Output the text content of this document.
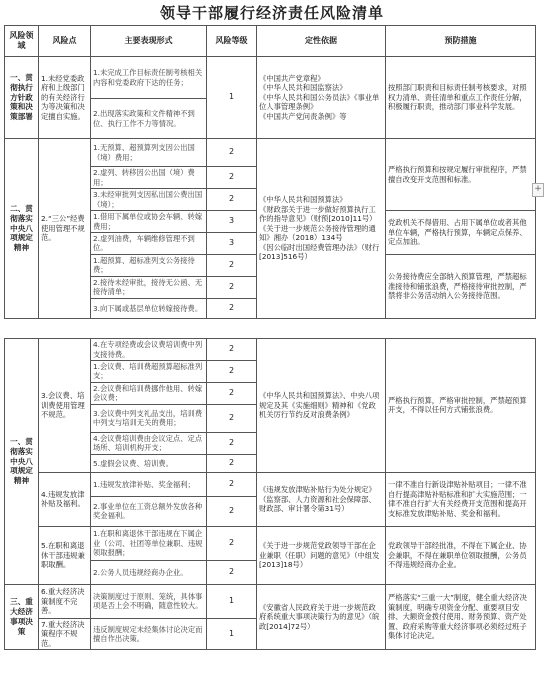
领导干部履行经济责任风险清单
风险领域	风险点	主要表现形式	风险等级	定性依据	预防措施
一、贯彻执行方针政策和决策部署	1.未经党委政府和上级部门的有关经济行为等决策和决定擅自实施。	1.未完成工作目标责任制考核相关内容和党委政府下达的任务；	1	《中国共产党章程》
《中华人民共和国监察法》
《中华人民共和国公务员法》《事业单位人事管理条例》
《中国共产党问责条例》等	按照部门职责和目标责任制考核要求，对照权力清单、责任清单和重点工作责任分解，积极履行职责，推动部门事业科学发展。
		2.出现落实政策和文件精神不到位、执行工作不力等情况。			
二、贯彻落实中央八项规定精神	2.“三公”经费使用管理不规范。	1.无预算、超预算列支因公出国（境）费用；	2	《中华人民共和国预算法》
《财政部关于进一步做好预算执行工作的指导意见》（财预[2010]11号）
《关于进一步规范公务接待管理的通知》湘办（2018）134号
《因公临时出国经费管理办法》（财行[2013]516号）	严格执行预算和按规定履行审批程序，严禁擅自改变开支范围和标准。
		2.虚列、转移因公出国（境）费用；	2		
		3.未经审批列支因私出国公费出国（境）；	2		
		1.借用下属单位或协会车辆、转嫁费用；	3		党政机关不得借用、占用下属单位或者其他单位车辆，严格执行预算，车辆定点保养、定点加油。
		2.虚列油费，车辆维修管理不到位。	3		
		1.超预算、超标准列支公务接待费；	2		公务接待费应全部纳入预算管理，严禁超标准接待和铺张浪费，严格接待审批控制，严禁将非公务活动纳入公务接待范围。
		2.接待未经审批，接待无公函、无接待清单；	2		
		3.向下属或基层单位转嫁接待费。	2		
一、贯彻落实中央八项规定精神	3.会议费、培训费使用管理不规范。	4.在专项经费或会议费培训费中列支接待费。	2	《中华人民共和国预算法》、中央八项规定及其《实施细则》精神和《党政机关厉行节约反对浪费条例》	严格执行预算，严格审批控制，严禁超预算开支，不得以任何方式铺张浪费。
		1.会议费、培训费超预算超标准列支；	2		
		2.会议费和培训费挪作他用、转嫁会议费；	2		
		3.会议费中列支礼品支出，培训费中列支与培训无关的费用；	2		
		4.会议费培训费由会议定点、定点场所、培训机构开支；	2		
		5.虚假会议费、培训费。	2		
	4.违规发放津补贴及福利。	1.违规发放津补贴、奖金福利；	2	《违规发放津贴补贴行为处分规定》（监察部、人力资源和社会保障部、财政部、审计署令第31号）	一律不准自行新设津贴补贴项目；一律不准自行提高津贴补贴标准和扩大实施范围；一律不准自行扩大有关经费开支范围和提高开支标准发放津贴补贴、奖金和福利。
		2.事业单位在工资总额外发放各种奖金福利。	2		
	5.在职和离退休干部违规兼职取酬。	1.在职和离退休干部违规在下属企业（公司、社团等单位兼职、违规领取报酬；	2	《关于进一步规范党政领导干部在企业兼职（任职）问题的意见》（中组发[2013]18号）	党政领导干部经批准，不得在下属企业、协会兼职，不得在兼职单位领取报酬，公务员不得违规经商办企业。
		2.公务人员违规经商办企业。	2		
三、重大经济事项决策	6.重大经济决策制度不完善。	决策制度过于原则、笼统，具体事项是否上会不明确，随意性较大。	1	《安徽省人民政府关于进一步规范政府系统重大事项决策行为的意见》（皖政[2014]72号）	严格落实“三重一大”制度，健全重大经济决策制度，明确专项资金分配、重要项目安排、大额资金拨付使用、财务预算、资产处置、政府采购等重大经济事项必须经过班子集体讨论决定。
	7.重大经济决策程序不规范。	违反制度规定未经集体讨论决定而擅自作出决策。	1		
+
